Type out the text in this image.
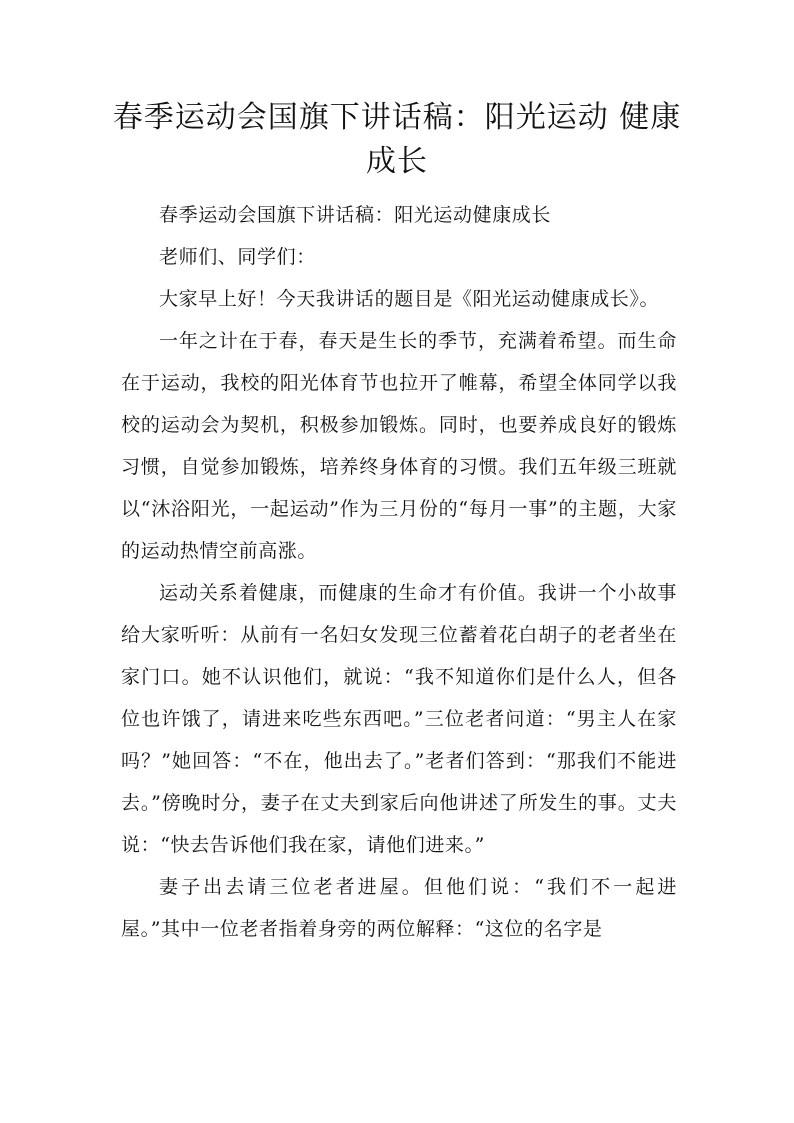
春季运动会国旗下讲话稿：阳光运动 健康成长

春季运动会国旗下讲话稿：阳光运动健康成长

老师们、同学们：

大家早上好！今天我讲话的题目是《阳光运动健康成长》。

一年之计在于春，春天是生长的季节，充满着希望。而生命在于运动，我校的阳光体育节也拉开了帷幕，希望全体同学以我校的运动会为契机，积极参加锻炼。同时，也要养成良好的锻炼习惯，自觉参加锻炼，培养终身体育的习惯。我们五年级三班就以“沐浴阳光，一起运动”作为三月份的“每月一事”的主题，大家的运动热情空前高涨。

运动关系着健康，而健康的生命才有价值。我讲一个小故事给大家听听：从前有一名妇女发现三位蓄着花白胡子的老者坐在家门口。她不认识他们，就说：“我不知道你们是什么人，但各位也许饿了，请进来吃些东西吧。”三位老者问道：“男主人在家吗？”她回答：“不在，他出去了。”老者们答到：“那我们不能进去。”傍晚时分，妻子在丈夫到家后向他讲述了所发生的事。丈夫说：“快去告诉他们我在家，请他们进来。”

妻子出去请三位老者进屋。但他们说：“我们不一起进屋。”其中一位老者指着身旁的两位解释：“这位的名字是
